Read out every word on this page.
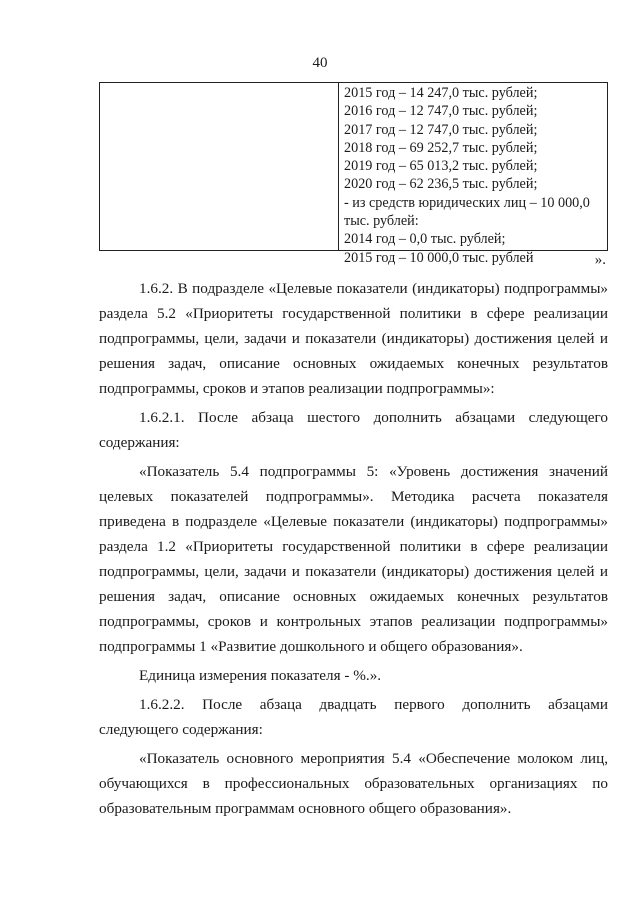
40
2015 год – 14 247,0 тыс. рублей;
2016 год – 12 747,0 тыс. рублей;
2017 год – 12 747,0 тыс. рублей;
2018 год – 69 252,7 тыс. рублей;
2019 год – 65 013,2 тыс. рублей;
2020 год – 62 236,5 тыс. рублей;
- из средств юридических лиц – 10 000,0
тыс. рублей:
2014 год – 0,0 тыс. рублей;
2015 год – 10 000,0 тыс. рублей	».

1.6.2. В подразделе «Целевые показатели (индикаторы) подпрограммы» раздела 5.2 «Приоритеты государственной политики в сфере реализации подпрограммы, цели, задачи и показатели (индикаторы) достижения целей и решения задач, описание основных ожидаемых конечных результатов подпрограммы, сроков и этапов реализации подпрограммы»:

1.6.2.1. После абзаца шестого дополнить абзацами следующего содержания:

«Показатель 5.4 подпрограммы 5: «Уровень достижения значений целевых показателей подпрограммы». Методика расчета показателя приведена в подразделе «Целевые показатели (индикаторы) подпрограммы» раздела 1.2 «Приоритеты государственной политики в сфере реализации подпрограммы, цели, задачи и показатели (индикаторы) достижения целей и решения задач, описание основных ожидаемых конечных результатов подпрограммы, сроков и контрольных этапов реализации подпрограммы» подпрограммы 1 «Развитие дошкольного и общего образования».

Единица измерения показателя - %.».

1.6.2.2. После абзаца двадцать первого дополнить абзацами следующего содержания:

«Показатель основного мероприятия 5.4 «Обеспечение молоком лиц, обучающихся в профессиональных образовательных организациях по образовательным программам основного общего образования».
